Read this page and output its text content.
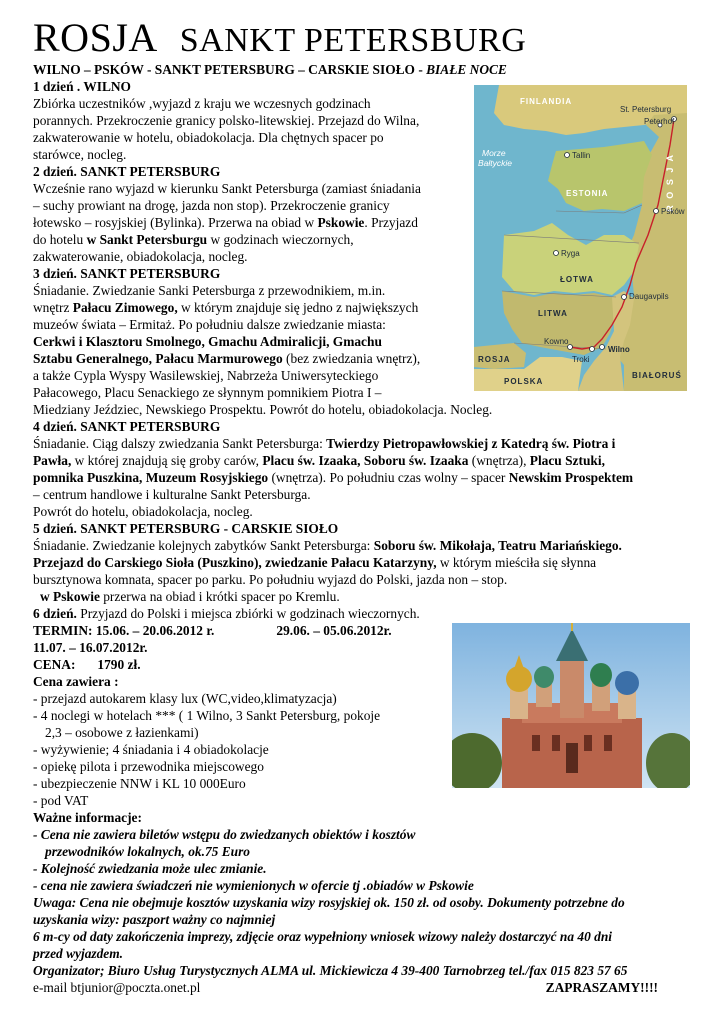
ROSJA SANKT PETERSBURG
WILNO – PSKÓW - SANKT PETERSBURG – CARSKIE SIOŁO - BIAŁE NOCE

1 dzień . WILNO

Zbiórka uczestników ,wyjazd z kraju we wczesnych godzinach

porannych. Przekroczenie granicy polsko-litewskiej. Przejazd do Wilna,

zakwaterowanie w hotelu, obiadokolacja. Dla chętnych spacer po

starówce, nocleg.

2 dzień. SANKT PETERSBURG

Wcześnie rano wyjazd w kierunku Sankt Petersburga (zamiast śniadania

– suchy prowiant na drogę, jazda non stop). Przekroczenie granicy

łotewsko – rosyjskiej (Bylinka). Przerwa na obiad w Pskowie. Przyjazd

do hotelu w Sankt Petersburgu w godzinach wieczornych,

zakwaterowanie, obiadokolacja, nocleg.

3 dzień. SANKT PETERSBURG

Śniadanie. Zwiedzanie Sanki Petersburga z przewodnikiem, m.in.

wnętrz Pałacu Zimowego, w którym znajduje się jedno z największych

muzeów świata – Ermitaż. Po południu dalsze zwiedzanie miasta:

Cerkwi i Klasztoru Smolnego, Gmachu Admiralicji, Gmachu

Sztabu Generalnego, Pałacu Marmurowego (bez zwiedzania wnętrz),

a także Cypla Wyspy Wasilewskiej, Nabrzeża Uniwersyteckiego

Pałacowego, Placu Senackiego ze słynnym pomnikiem Piotra I –

Miedziany Jeździec, Newskiego Prospektu. Powrót do hotelu, obiadokolacja. Nocleg.

4 dzień. SANKT PETERSBURG

Śniadanie. Ciąg dalszy zwiedzania Sankt Petersburga: Twierdzy Pietropawłowskiej z Katedrą św. Piotra i

Pawła, w której znajdują się groby carów, Placu św. Izaaka, Soboru św. Izaaka (wnętrza), Placu Sztuki,

pomnika Puszkina, Muzeum Rosyjskiego (wnętrza). Po południu czas wolny – spacer Newskim Prospektem

– centrum handlowe i kulturalne Sankt Petersburga.

Powrót do hotelu, obiadokolacja, nocleg.

5 dzień. SANKT PETERSBURG - CARSKIE SIOŁO

Śniadanie. Zwiedzanie kolejnych zabytków Sankt Petersburga: Soboru św. Mikołaja, Teatru Mariańskiego.

Przejazd do Carskiego Sioła (Puszkino), zwiedzanie Pałacu Katarzyny, w którym mieściła się słynna

bursztynowa komnata, spacer po parku. Po południu wyjazd do Polski, jazda non – stop.

w Pskowie przerwa na obiad i krótki spacer po Kremlu.

6 dzień. Przyjazd do Polski i miejsca zbiórki w godzinach wieczornych.

TERMIN: 15.06. – 20.06.2012 r.	29.06. – 05.06.2012r.

11.07. – 16.07.2012r.

CENA: 1790 zł.

Cena zawiera :

- przejazd autokarem klasy lux (WC,video,klimatyzacja)

- 4 noclegi w hotelach *** ( 1 Wilno, 3 Sankt Petersburg, pokoje

2,3 – osobowe z łazienkami)

- wyżywienie; 4 śniadania i 4 obiadokolacje

- opiekę pilota i przewodnika miejscowego

- ubezpieczenie NNW i KL 10 000Euro

- pod VAT

Ważne informacje:

- Cena nie zawiera biletów wstępu do zwiedzanych obiektów i kosztów

przewodników lokalnych, ok.75 Euro

- Kolejność zwiedzania może ulec zmianie.

- cena nie zawiera świadczeń nie wymienionych w ofercie tj .obiadów w Pskowie

Uwaga: Cena nie obejmuje kosztów uzyskania wizy rosyjskiej ok. 150 zł. od osoby. Dokumenty potrzebne do

uzyskania wizy: paszport ważny co najmniej

6 m-cy od daty zakończenia imprezy, zdjęcie oraz wypełniony wniosek wizowy należy dostarczyć na 40 dni

przed wyjazdem.

Organizator; Biuro Usług Turystycznych ALMA ul. Mickiewicza 4 39-400 Tarnobrzeg tel./fax 015 823 57 65

e-mail btjunior@poczta.onet.pl	ZAPRASZAMY!!!!

FINLANDIA
ESTONIA
ŁOTWA
LITWA
ROSJA
POLSKA
BIAŁORUŚ
Morze
Bałtyckie	R O S J A
St. Petersburg
Peterhof
Tallin
Psków
Ryga
Daugavpils
Kowno
Troki
Wilno
